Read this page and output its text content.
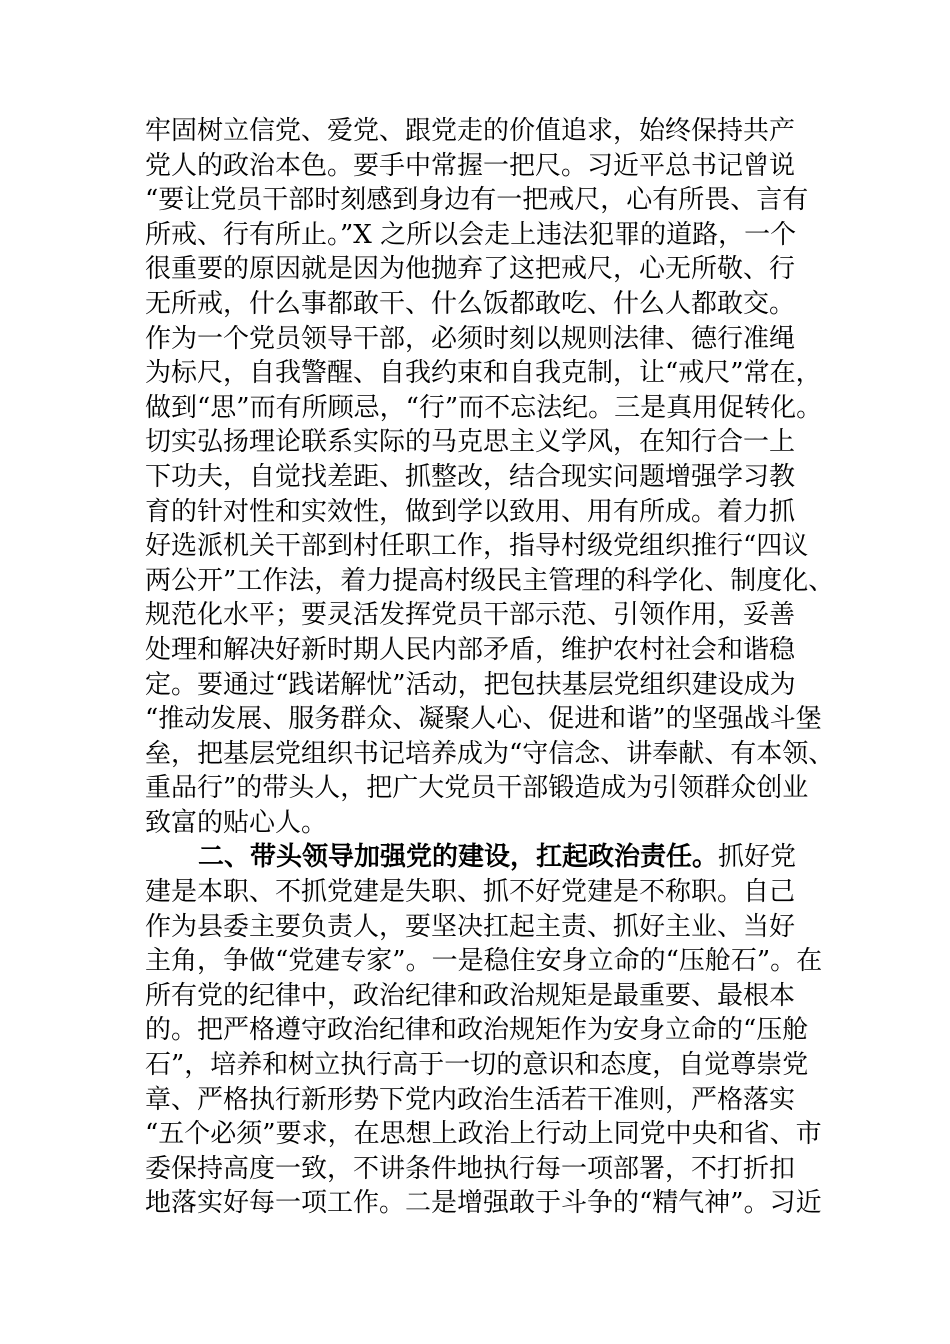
牢固树立信党、爱党、跟党走的价值追求，始终保持共产
党人的政治本色。要手中常握一把尺。习近平总书记曾说
“要让党员干部时刻感到身边有一把戒尺，心有所畏、言有
所戒、行有所止。”X 之所以会走上违法犯罪的道路，一个
很重要的原因就是因为他抛弃了这把戒尺，心无所敬、行
无所戒，什么事都敢干、什么饭都敢吃、什么人都敢交。
作为一个党员领导干部，必须时刻以规则法律、德行准绳
为标尺，自我警醒、自我约束和自我克制，让“戒尺”常在，
做到“思”而有所顾忌，“行”而不忘法纪。三是真用促转化。
切实弘扬理论联系实际的马克思主义学风，在知行合一上
下功夫，自觉找差距、抓整改，结合现实问题增强学习教
育的针对性和实效性，做到学以致用、用有所成。着力抓
好选派机关干部到村任职工作，指导村级党组织推行“四议
两公开”工作法，着力提高村级民主管理的科学化、制度化、
规范化水平；要灵活发挥党员干部示范、引领作用，妥善
处理和解决好新时期人民内部矛盾，维护农村社会和谐稳
定。要通过“践诺解忧”活动，把包扶基层党组织建设成为
“推动发展、服务群众、凝聚人心、促进和谐”的坚强战斗堡
垒，把基层党组织书记培养成为“守信念、讲奉献、有本领、
重品行”的带头人，把广大党员干部锻造成为引领群众创业
致富的贴心人。
二、带头领导加强党的建设，扛起政治责任。抓好党
建是本职、不抓党建是失职、抓不好党建是不称职。自己
作为县委主要负责人，要坚决扛起主责、抓好主业、当好
主角，争做“党建专家”。一是稳住安身立命的“压舱石”。在
所有党的纪律中，政治纪律和政治规矩是最重要、最根本
的。把严格遵守政治纪律和政治规矩作为安身立命的“压舱
石”，培养和树立执行高于一切的意识和态度，自觉尊崇党
章、严格执行新形势下党内政治生活若干准则，严格落实
“五个必须”要求，在思想上政治上行动上同党中央和省、市
委保持高度一致，不讲条件地执行每一项部署，不打折扣
地落实好每一项工作。二是增强敢于斗争的“精气神”。习近
